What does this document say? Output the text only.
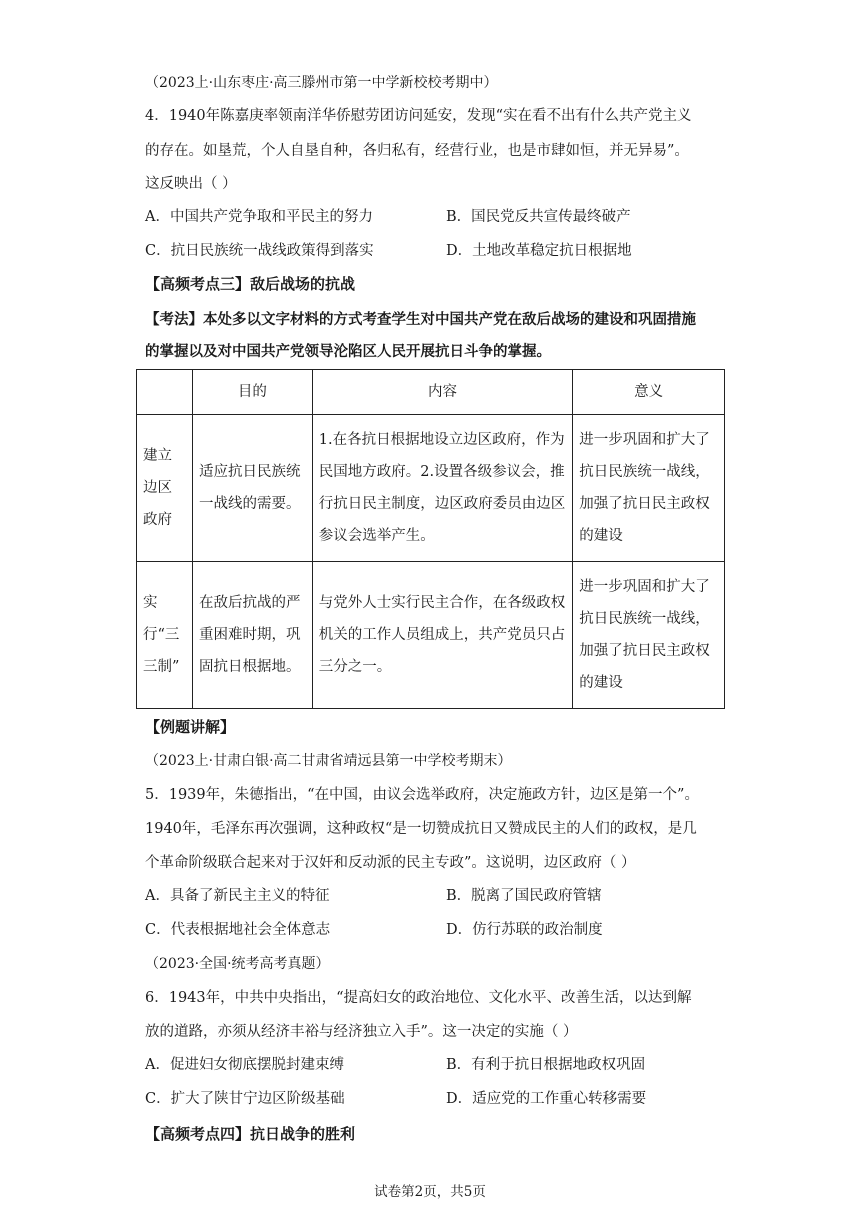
（2023上·山东枣庄·高三滕州市第一中学新校校考期中）
4．1940年陈嘉庚率领南洋华侨慰劳团访问延安，发现“实在看不出有什么共产党主义
的存在。如垦荒，个人自垦自种，各归私有，经营行业，也是市肆如恒，并无异易”。
这反映出（ ）
A．中国共产党争取和平民主的努力	B．国民党反共宣传最终破产
C．抗日民族统一战线政策得到落实	D．土地改革稳定抗日根据地
【高频考点三】敌后战场的抗战
【考法】本处多以文字材料的方式考查学生对中国共产党在敌后战场的建设和巩固措施
的掌握以及对中国共产党领导沦陷区人民开展抗日斗争的掌握。
	目的	内容	意义
建立边区政府	适应抗日民族统一战线的需要。	1.在各抗日根据地设立边区政府，作为民国地方政府。2.设置各级参议会，推行抗日民主制度，边区政府委员由边区参议会选举产生。	进一步巩固和扩大了抗日民族统一战线，加强了抗日民主政权的建设
实行“三三制”	在敌后抗战的严重困难时期，巩固抗日根据地。	与党外人士实行民主合作，在各级政权机关的工作人员组成上，共产党员只占三分之一。	进一步巩固和扩大了抗日民族统一战线，加强了抗日民主政权的建设
【例题讲解】
（2023上·甘肃白银·高二甘肃省靖远县第一中学校考期末）
5．1939年，朱德指出，“在中国，由议会选举政府，决定施政方针，边区是第一个”。
1940年，毛泽东再次强调，这种政权“是一切赞成抗日又赞成民主的人们的政权，是几
个革命阶级联合起来对于汉奸和反动派的民主专政”。这说明，边区政府（ ）
A．具备了新民主主义的特征	B．脱离了国民政府管辖
C．代表根据地社会全体意志	D．仿行苏联的政治制度
（2023·全国·统考高考真题）
6．1943年，中共中央指出，“提高妇女的政治地位、文化水平、改善生活，以达到解
放的道路，亦须从经济丰裕与经济独立入手”。这一决定的实施（ ）
A．促进妇女彻底摆脱封建束缚	B．有利于抗日根据地政权巩固
C．扩大了陕甘宁边区阶级基础	D．适应党的工作重心转移需要
【高频考点四】抗日战争的胜利
试卷第2页，共5页
